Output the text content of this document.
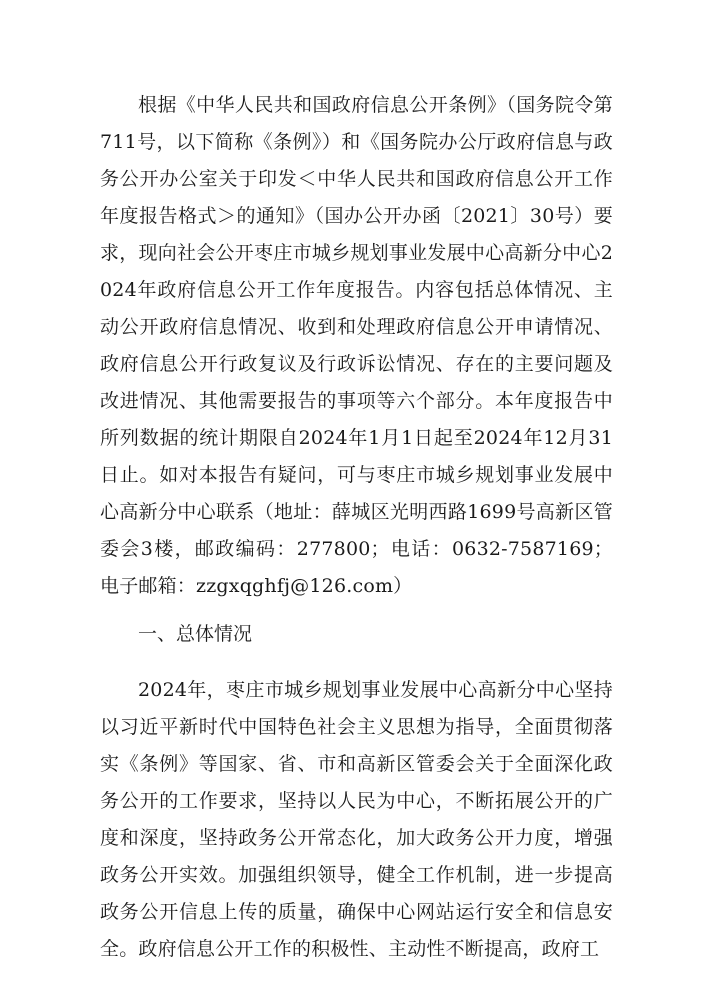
根据《中华人民共和国政府信息公开条例》（国务院令第711号，以下简称《条例》）和《国务院办公厅政府信息与政务公开办公室关于印发＜中华人民共和国政府信息公开工作年度报告格式＞的通知》（国办公开办函〔2021〕30号）要求，现向社会公开枣庄市城乡规划事业发展中心高新分中心2024年政府信息公开工作年度报告。内容包括总体情况、主动公开政府信息情况、收到和处理政府信息公开申请情况、政府信息公开行政复议及行政诉讼情况、存在的主要问题及改进情况、其他需要报告的事项等六个部分。本年度报告中所列数据的统计期限自2024年1月1日起至2024年12月31日止。如对本报告有疑问，可与枣庄市城乡规划事业发展中心高新分中心联系（地址：薛城区光明西路1699号高新区管委会3楼，邮政编码：277800；电话：0632-7587169；电子邮箱：zzgxqghfj@126.com）

一、总体情况

2024年，枣庄市城乡规划事业发展中心高新分中心坚持以习近平新时代中国特色社会主义思想为指导，全面贯彻落实《条例》等国家、省、市和高新区管委会关于全面深化政务公开的工作要求，坚持以人民为中心，不断拓展公开的广度和深度，坚持政务公开常态化，加大政务公开力度，增强政务公开实效。加强组织领导，健全工作机制，进一步提高政务公开信息上传的质量，确保中心网站运行安全和信息安全。政府信息公开工作的积极性、主动性不断提高，政府工
